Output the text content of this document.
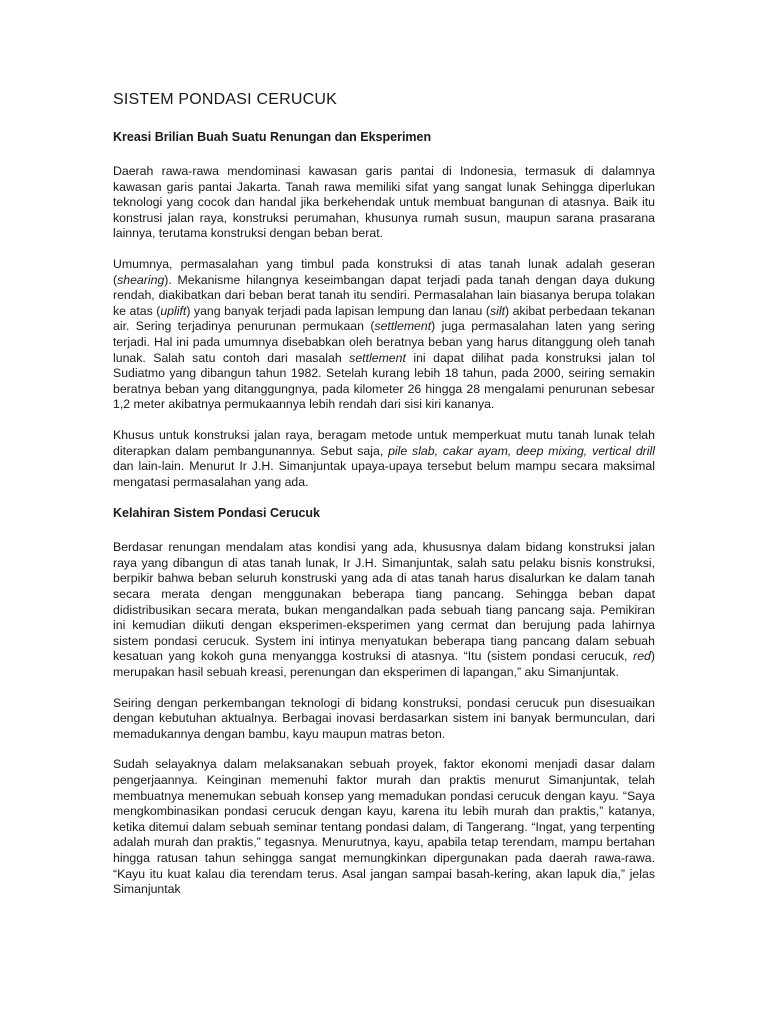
SISTEM PONDASI CERUCUK
Kreasi Brilian Buah Suatu Renungan dan Eksperimen

Daerah rawa-rawa mendominasi kawasan garis pantai di Indonesia, termasuk di dalamnya kawasan garis pantai Jakarta. Tanah rawa memiliki sifat yang sangat lunak Sehingga diperlukan teknologi yang cocok dan handal jika berkehendak untuk membuat bangunan di atasnya. Baik itu konstrusi jalan raya, konstruksi perumahan, khusunya rumah susun, maupun sarana prasarana lainnya, terutama konstruksi dengan beban berat.

Umumnya, permasalahan yang timbul pada konstruksi di atas tanah lunak adalah geseran (shearing). Mekanisme hilangnya keseimbangan dapat terjadi pada tanah dengan daya dukung rendah, diakibatkan dari beban berat tanah itu sendiri. Permasalahan lain biasanya berupa tolakan ke atas (uplift) yang banyak terjadi pada lapisan lempung dan lanau (silt) akibat perbedaan tekanan air. Sering terjadinya penurunan permukaan (settlement) juga permasalahan laten yang sering terjadi. Hal ini pada umumnya disebabkan oleh beratnya beban yang harus ditanggung oleh tanah lunak. Salah satu contoh dari masalah settlement ini dapat dilihat pada konstruksi jalan tol Sudiatmo yang dibangun tahun 1982. Setelah kurang lebih 18 tahun, pada 2000, seiring semakin beratnya beban yang ditanggungnya, pada kilometer 26 hingga 28 mengalami penurunan sebesar 1,2 meter akibatnya permukaannya lebih rendah dari sisi kiri kananya.

Khusus untuk konstruksi jalan raya, beragam metode untuk memperkuat mutu tanah lunak telah diterapkan dalam pembangunannya. Sebut saja, pile slab, cakar ayam, deep mixing, vertical drill dan lain-lain. Menurut Ir J.H. Simanjuntak upaya-upaya tersebut belum mampu secara maksimal mengatasi permasalahan yang ada.

Kelahiran Sistem Pondasi Cerucuk

Berdasar renungan mendalam atas kondisi yang ada, khususnya dalam bidang konstruksi jalan raya yang dibangun di atas tanah lunak, Ir J.H. Simanjuntak, salah satu pelaku bisnis konstruksi, berpikir bahwa beban seluruh konstruski yang ada di atas tanah harus disalurkan ke dalam tanah secara merata dengan menggunakan beberapa tiang pancang. Sehingga beban dapat didistribusikan secara merata, bukan mengandalkan pada sebuah tiang pancang saja. Pemikiran ini kemudian diikuti dengan eksperimen-eksperimen yang cermat dan berujung pada lahirnya sistem pondasi cerucuk. System ini intinya menyatukan beberapa tiang pancang dalam sebuah kesatuan yang kokoh guna menyangga kostruksi di atasnya. “Itu (sistem pondasi cerucuk, red) merupakan hasil sebuah kreasi, perenungan dan eksperimen di lapangan,” aku Simanjuntak.

Seiring dengan perkembangan teknologi di bidang konstruksi, pondasi cerucuk pun disesuaikan dengan kebutuhan aktualnya. Berbagai inovasi berdasarkan sistem ini banyak bermunculan, dari memadukannya dengan bambu, kayu maupun matras beton.

Sudah selayaknya dalam melaksanakan sebuah proyek, faktor ekonomi menjadi dasar dalam pengerjaannya. Keinginan memenuhi faktor murah dan praktis menurut Simanjuntak, telah membuatnya menemukan sebuah konsep yang memadukan pondasi cerucuk dengan kayu. “Saya mengkombinasikan pondasi cerucuk dengan kayu, karena itu lebih murah dan praktis,” katanya, ketika ditemui dalam sebuah seminar tentang pondasi dalam, di Tangerang. “Ingat, yang terpenting adalah murah dan praktis,” tegasnya. Menurutnya, kayu, apabila tetap terendam, mampu bertahan hingga ratusan tahun sehingga sangat memungkinkan dipergunakan pada daerah rawa-rawa. “Kayu itu kuat kalau dia terendam terus. Asal jangan sampai basah-kering, akan lapuk dia,” jelas Simanjuntak
